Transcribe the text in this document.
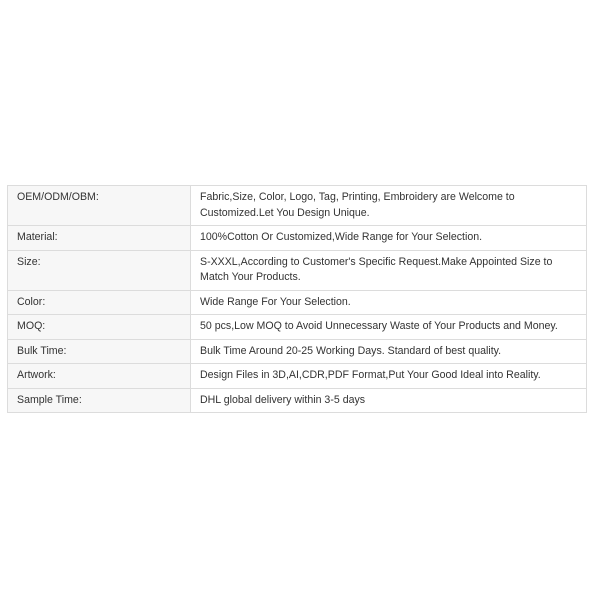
OEM/ODM/OBM:	Fabric,Size, Color, Logo, Tag, Printing, Embroidery are Welcome to Customized.Let You Design Unique.
Material:	100%Cotton Or Customized,Wide Range for Your Selection.
Size:	S-XXXL,According to Customer's Specific Request.Make Appointed Size to Match Your Products.
Color:	Wide Range For Your Selection.
MOQ:	50 pcs,Low MOQ to Avoid Unnecessary Waste of Your Products and Money.
Bulk Time:	Bulk Time Around 20-25 Working Days. Standard of best quality.
Artwork:	Design Files in 3D,AI,CDR,PDF Format,Put Your Good Ideal into Reality.
Sample Time:	DHL global delivery within 3-5 days
